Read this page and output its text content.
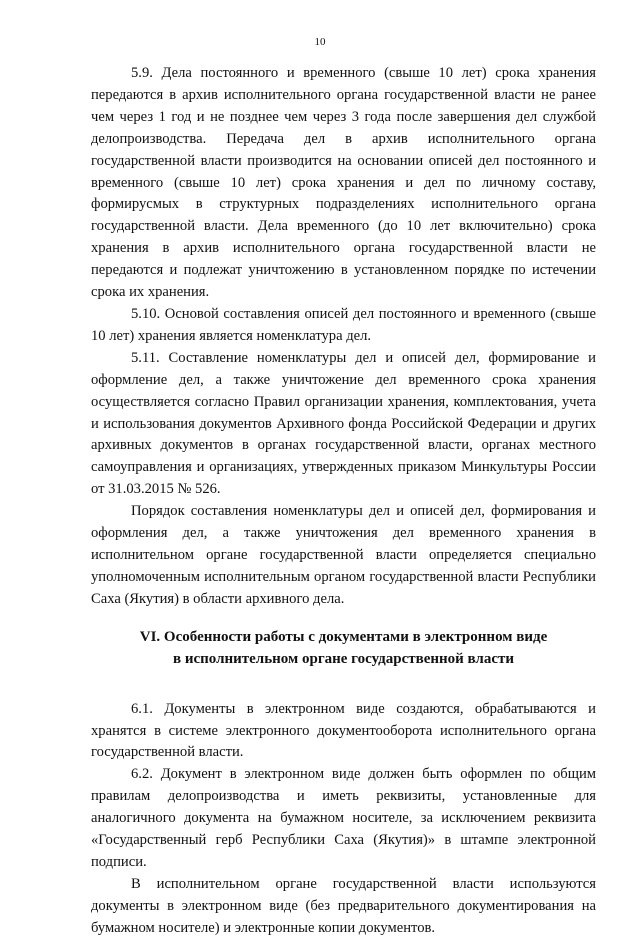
10

5.9. Дела постоянного и временного (свыше 10 лет) срока хранения передаются в архив исполнительного органа государственной власти не ранее чем через 1 год и не позднее чем через 3 года после завершения дел службой делопроизводства. Передача дел в архив исполнительного органа государственной власти производится на основании описей дел постоянного и временного (свыше 10 лет) срока хранения и дел по личному составу, формирусмых в структурных подразделениях исполнительного органа государственной власти. Дела временного (до 10 лет включительно) срока хранения в архив исполнительного органа государственной власти не передаются и подлежат уничтожению в установленном порядке по истечении срока их хранения.

5.10. Основой составления описей дел постоянного и временного (свыше 10 лет) хранения является номенклатура дел.

5.11. Составление номенклатуры дел и описей дел, формирование и оформление дел, а также уничтожение дел временного срока хранения осуществляется согласно Правил организации хранения, комплектования, учета и использования документов Архивного фонда Российской Федерации и других архивных документов в органах государственной власти, органах местного самоуправления и организациях, утвержденных приказом Минкультуры России от 31.03.2015 № 526.

Порядок составления номенклатуры дел и описей дел, формирования и оформления дел, а также уничтожения дел временного хранения в исполнительном органе государственной власти определяется специально уполномоченным исполнительным органом государственной власти Республики Саха (Якутия) в области архивного дела.

VI. Особенности работы с документами в электронном виде
в исполнительном органе государственной власти

6.1. Документы в электронном виде создаются, обрабатываются и хранятся в системе электронного документооборота исполнительного органа государственной власти.

6.2. Документ в электронном виде должен быть оформлен по общим правилам делопроизводства и иметь реквизиты, установленные для аналогичного документа на бумажном носителе, за исключением реквизита «Государственный герб Республики Саха (Якутия)» в штампе электронной подписи.

В исполнительном органе государственной власти используются документы в электронном виде (без предварительного документирования на бумажном носителе) и электронные копии документов.
